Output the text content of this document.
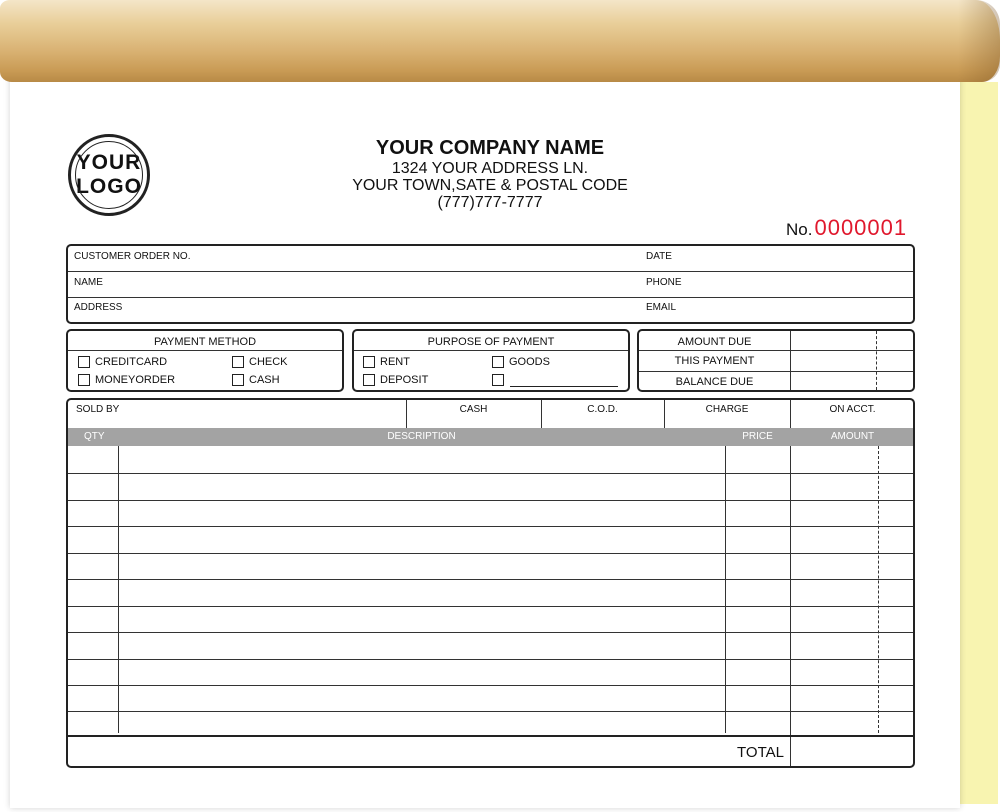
YOUR
LOGO
YOUR COMPANY NAME
1324 YOUR ADDRESS LN.
YOUR TOWN,SATE & POSTAL CODE
(777)777-7777
No. 0000001
CUSTOMER ORDER NO.	DATE
NAME	PHONE
ADDRESS	EMAIL
PAYMENT METHOD
CREDITCARD	CHECK
MONEYORDER	CASH
PURPOSE OF PAYMENT
RENT	GOODS
DEPOSIT
AMOUNT DUE
THIS PAYMENT
BALANCE DUE
SOLD BY	CASH	C.O.D.	CHARGE	ON ACCT.
QTY	DESCRIPTION	PRICE	AMOUNT
TOTAL
